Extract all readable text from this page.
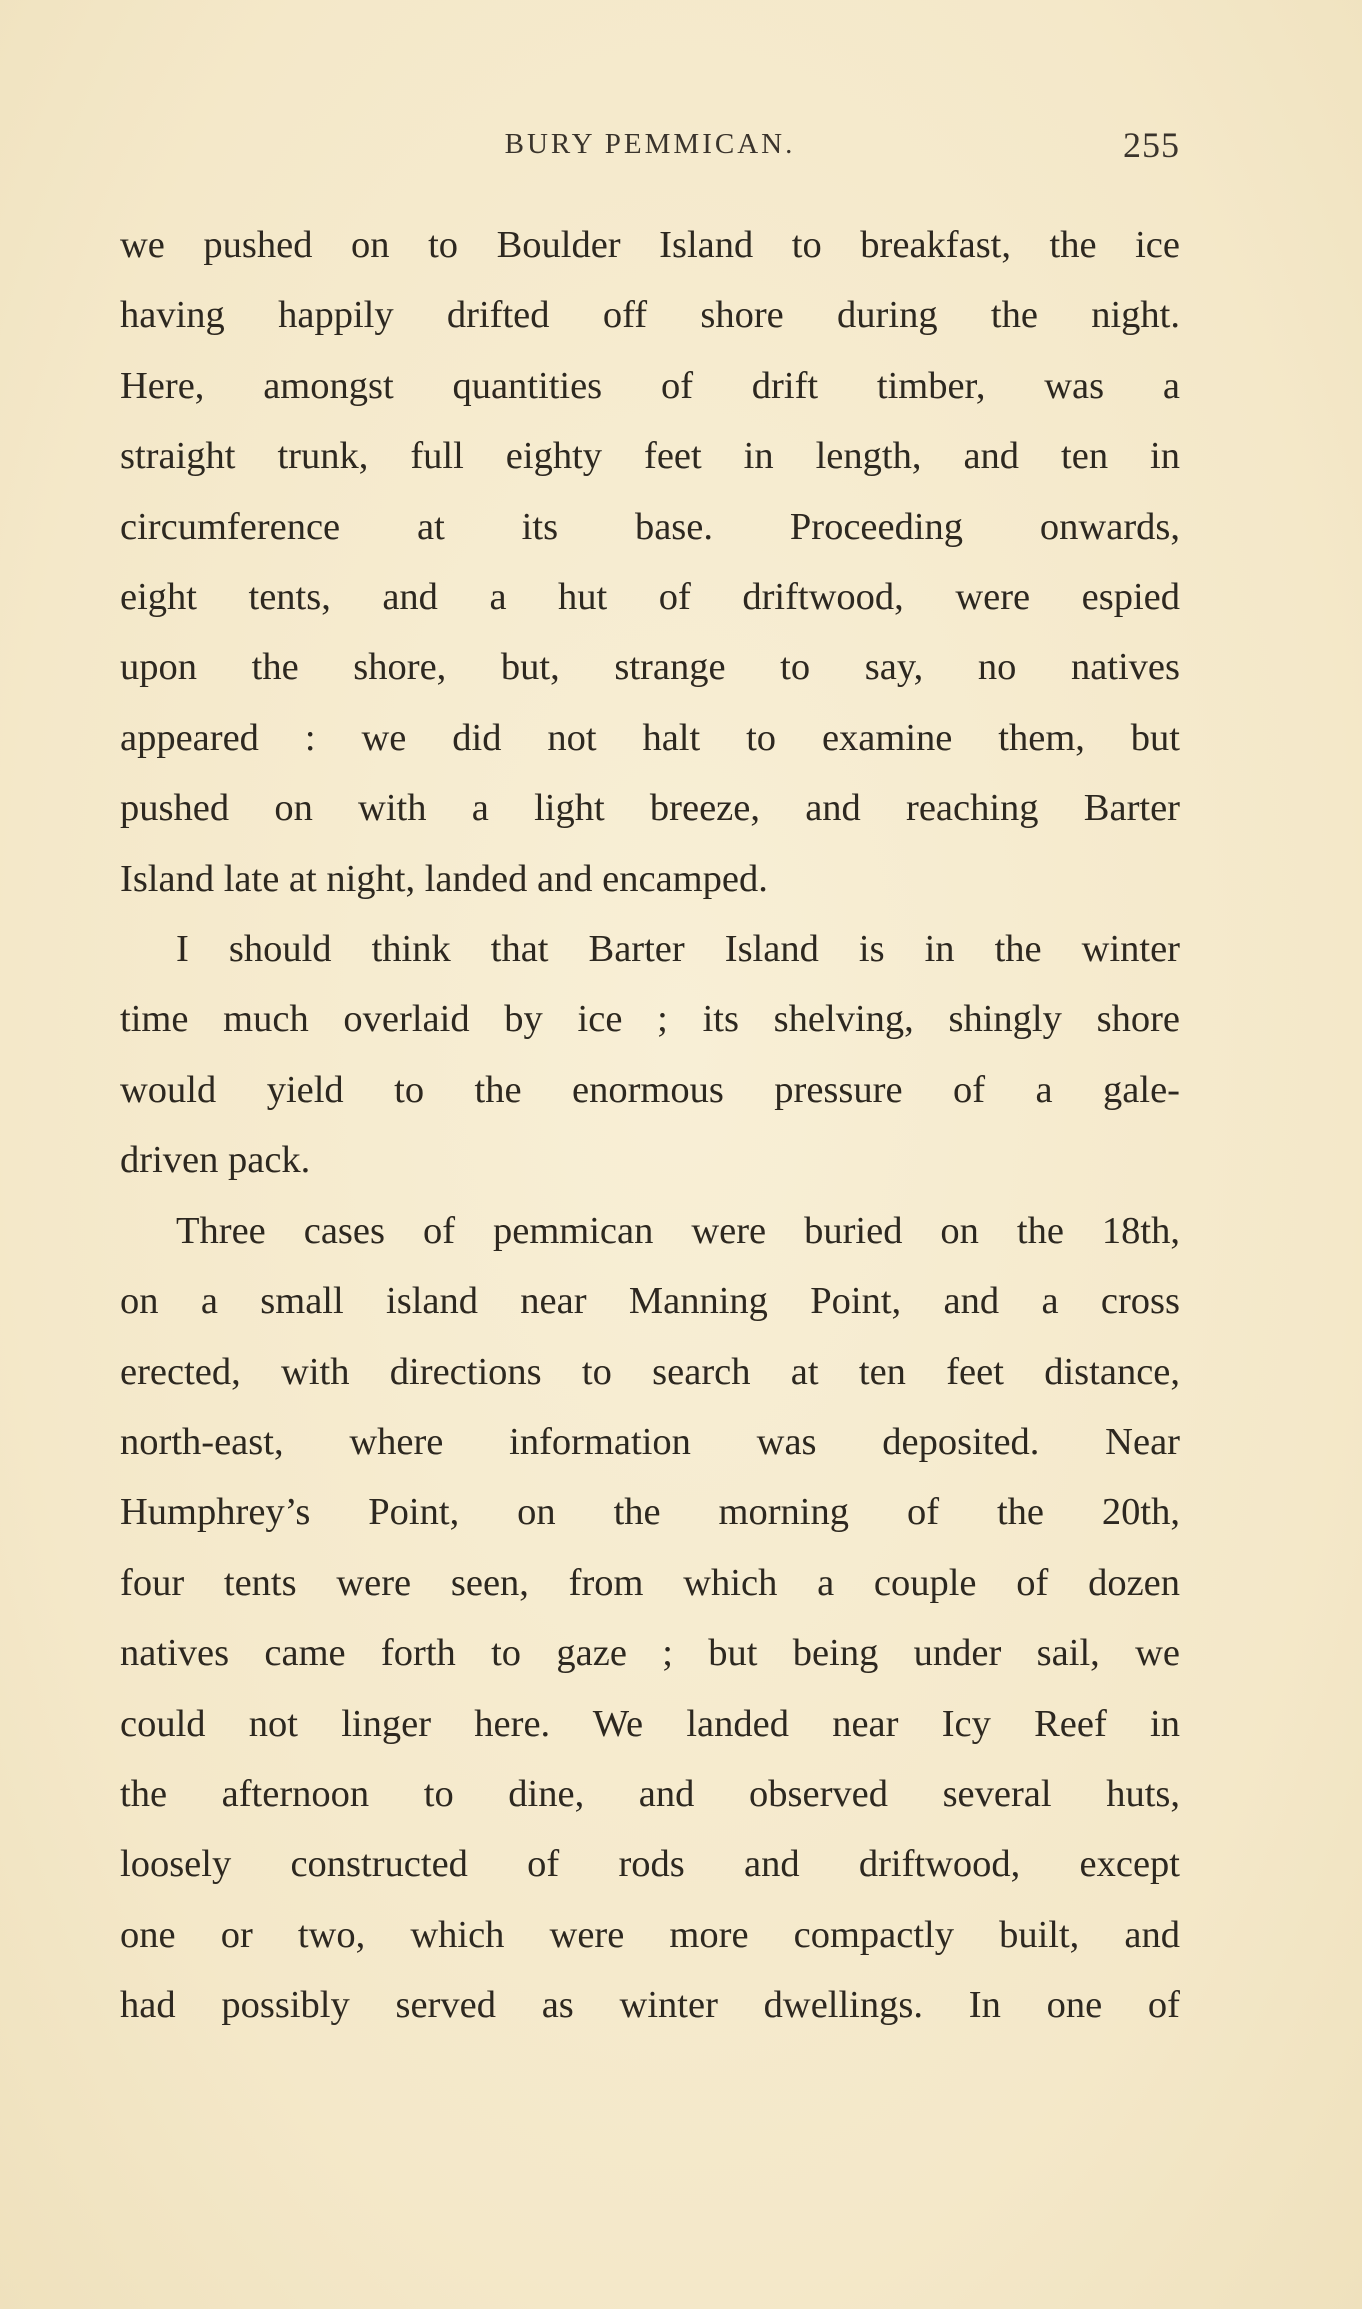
BURY PEMMICAN.	255
we pushed on to Boulder Island to breakfast, the ice
having happily drifted off shore during the night.
Here, amongst quantities of drift timber, was a
straight trunk, full eighty feet in length, and ten in
circumference at its base. Proceeding onwards,
eight tents, and a hut of driftwood, were espied
upon the shore, but, strange to say, no natives
appeared : we did not halt to examine them, but
pushed on with a light breeze, and reaching Barter
Island late at night, landed and encamped.
I should think that Barter Island is in the winter
time much overlaid by ice ; its shelving, shingly shore
would yield to the enormous pressure of a gale-
driven pack.
Three cases of pemmican were buried on the 18th,
on a small island near Manning Point, and a cross
erected, with directions to search at ten feet distance,
north-east, where information was deposited. Near
Humphrey’s Point, on the morning of the 20th,
four tents were seen, from which a couple of dozen
natives came forth to gaze ; but being under sail, we
could not linger here. We landed near Icy Reef in
the afternoon to dine, and observed several huts,
loosely constructed of rods and driftwood, except
one or two, which were more compactly built, and
had possibly served as winter dwellings. In one of
